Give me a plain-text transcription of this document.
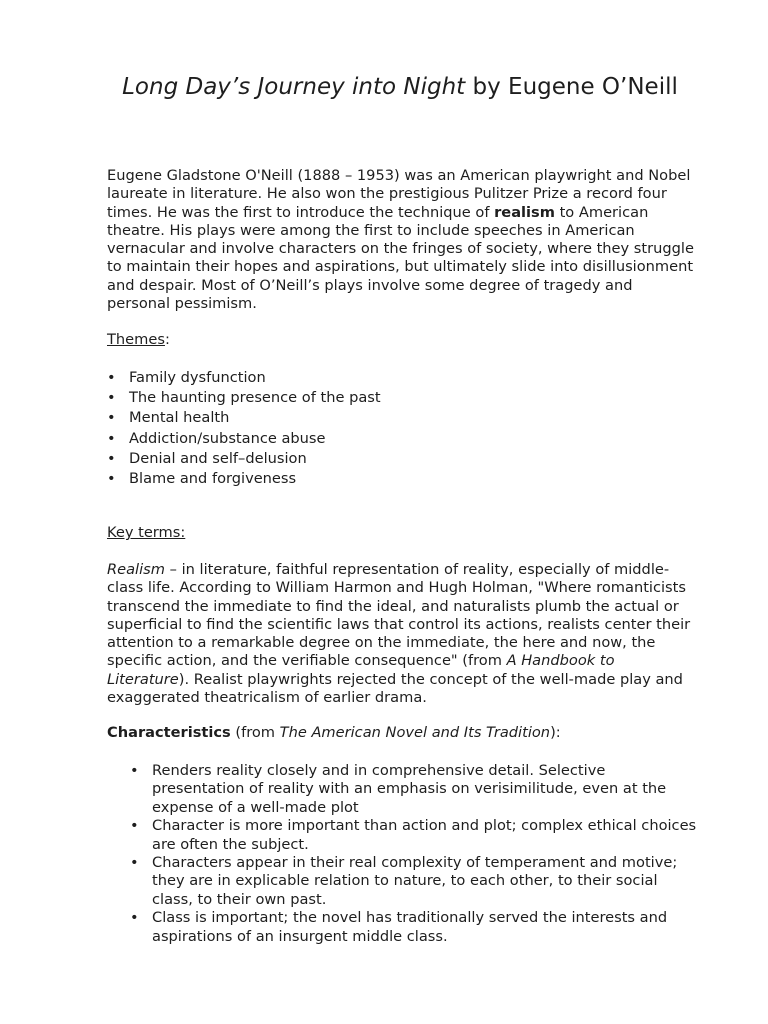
Long Day’s Journey into Night by Eugene O’Neill
Eugene Gladstone O'Neill (1888 – 1953) was an American playwright and Nobel laureate in literature. He also won the prestigious Pulitzer Prize a record four times. He was the first to introduce the technique of realism to American theatre. His plays were among the first to include speeches in American vernacular and involve characters on the fringes of society, where they struggle to maintain their hopes and aspirations, but ultimately slide into disillusionment and despair. Most of O’Neill’s plays involve some degree of tragedy and personal pessimism.
Themes:
• Family dysfunction
• The haunting presence of the past
• Mental health
• Addiction/substance abuse
• Denial and self–delusion
• Blame and forgiveness
Key terms:
Realism – in literature, faithful representation of reality, especially of middle-class life. According to William Harmon and Hugh Holman, "Where romanticists transcend the immediate to find the ideal, and naturalists plumb the actual or superficial to find the scientific laws that control its actions, realists center their attention to a remarkable degree on the immediate, the here and now, the specific action, and the verifiable consequence" (from A Handbook to Literature). Realist playwrights rejected the concept of the well-made play and exaggerated theatricalism of earlier drama.
Characteristics (from The American Novel and Its Tradition):
• Renders reality closely and in comprehensive detail. Selective presentation of reality with an emphasis on verisimilitude, even at the expense of a well-made plot
• Character is more important than action and plot; complex ethical choices are often the subject.
• Characters appear in their real complexity of temperament and motive; they are in explicable relation to nature, to each other, to their social class, to their own past.
• Class is important; the novel has traditionally served the interests and aspirations of an insurgent middle class.
